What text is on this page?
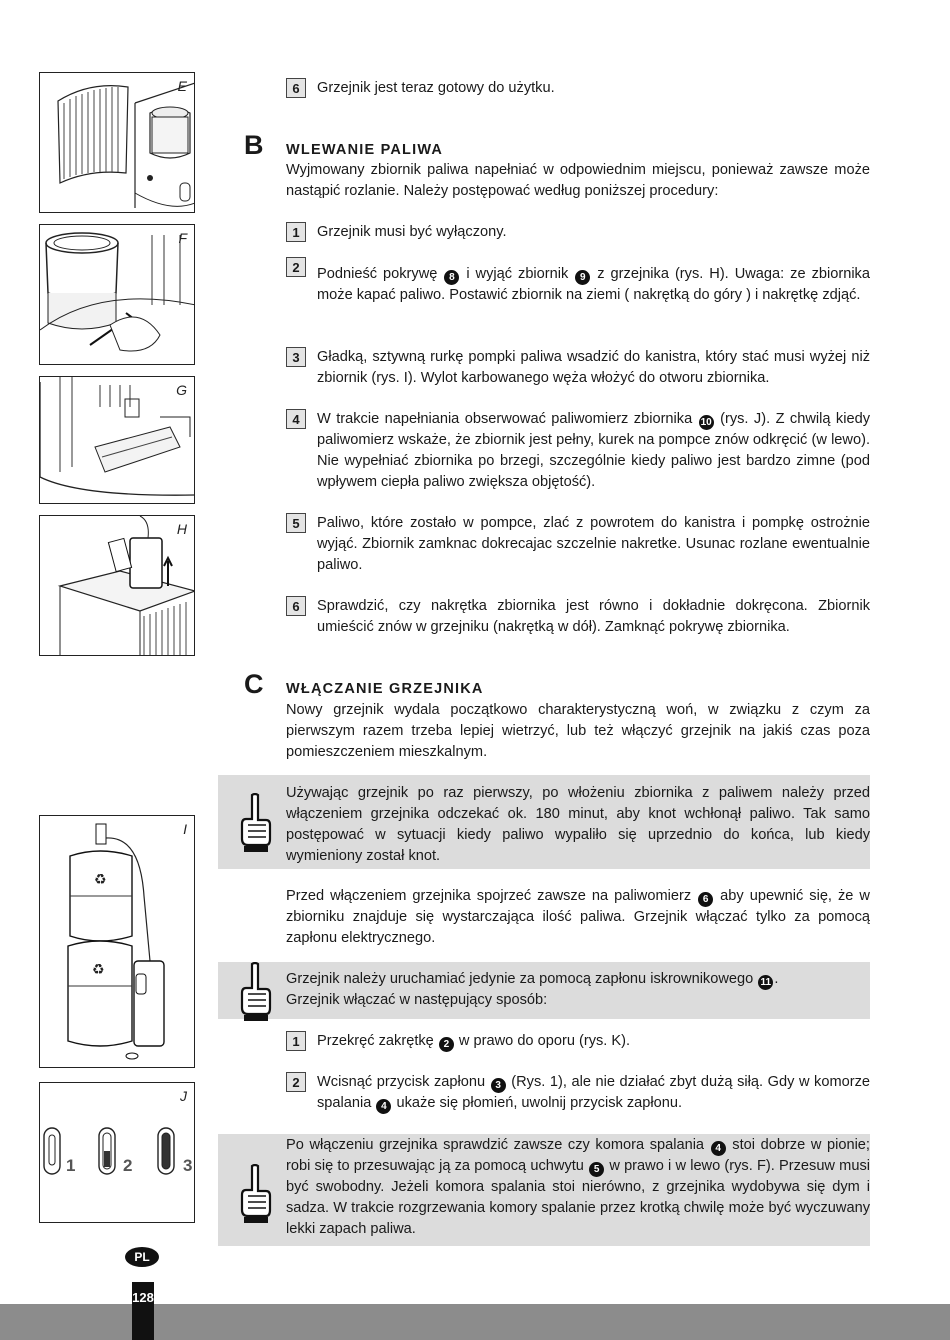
E
F
G
H
♻
♻
I
1	2	3
J
6	Grzejnik jest teraz gotowy do użytku.
B WLEWANIE PALIWA
Wyjmowany zbiornik paliwa napełniać w odpowiednim miejscu, ponieważ zawsze może nastąpić rozlanie. Należy postępować według poniższej procedury:
1	Grzejnik musi być wyłączony.
2	Podnieść pokrywę 8 i wyjąć zbiornik 9 z grzejnika (rys. H). Uwaga: ze zbiornika może kapać paliwo. Postawić zbiornik na ziemi ( nakrętką do góry ) i nakrętkę zdjąć.
3	Gładką, sztywną rurkę pompki paliwa wsadzić do kanistra, który stać musi wyżej niż zbiornik (rys. I). Wylot karbowanego węża włożyć do otworu zbiornika.
4	W trakcie napełniania obserwować paliwomierz zbiornika 10 (rys. J). Z chwilą kiedy paliwomierz wskaże, że zbiornik jest pełny, kurek na pompce znów odkręcić (w lewo). Nie wypełniać zbiornika po brzegi, szczególnie kiedy paliwo jest bardzo zimne (pod wpływem ciepła paliwo zwiększa objętość).
5	Paliwo, które zostało w pompce, zlać z powrotem do kanistra i pompkę ostrożnie wyjąć. Zbiornik zamknac dokrecajac szczelnie nakretke. Usunac rozlane ewentualnie paliwo.
6	Sprawdzić, czy nakrętka zbiornika jest równo i dokładnie dokręcona. Zbiornik umieścić znów w grzejniku (nakrętką w dół). Zamknąć pokrywę zbiornika.
C WŁĄCZANIE GRZEJNIKA
Nowy grzejnik wydala początkowo charakterystyczną woń, w związku z czym za pierwszym razem trzeba lepiej wietrzyć, lub też włączyć grzejnik na jakiś czas poza pomieszczeniem mieszkalnym.
Używając grzejnik po raz pierwszy, po włożeniu zbiornika z paliwem należy przed włączeniem grzejnika odczekać ok. 180 minut, aby knot wchłonął paliwo. Tak samo postępować w sytuacji kiedy paliwo wypaliło się uprzednio do końca, lub kiedy wymieniony został knot.
Przed włączeniem grzejnika spojrzeć zawsze na paliwomierz 6 aby upewnić się, że w zbiorniku znajduje się wystarczająca ilość paliwa. Grzejnik włączać tylko za pomocą zapłonu elektrycznego.
Grzejnik należy uruchamiać jedynie za pomocą zapłonu iskrownikowego 11 .
Grzejnik włączać w następujący sposób:
1	Przekręć zakrętkę 2 w prawo do oporu (rys. K).
2	Wcisnąć przycisk zapłonu 3 (Rys. 1), ale nie działać zbyt dużą siłą. Gdy w komorze spalania 4 ukaże się płomień, uwolnij przycisk zapłonu.
Po włączeniu grzejnika sprawdzić zawsze czy komora spalania 4 stoi dobrze w pionie; robi się to przesuwając ją za pomocą uchwytu 5 w prawo i w lewo (rys. F). Przesuw musi być swobodny. Jeżeli komora spalania stoi nierówno, z grzejnika wydobywa się dym i sadza. W trakcie rozgrzewania komory spalanie przez krotką chwilę może być wyczuwany lekki zapach paliwa.
PL
128
